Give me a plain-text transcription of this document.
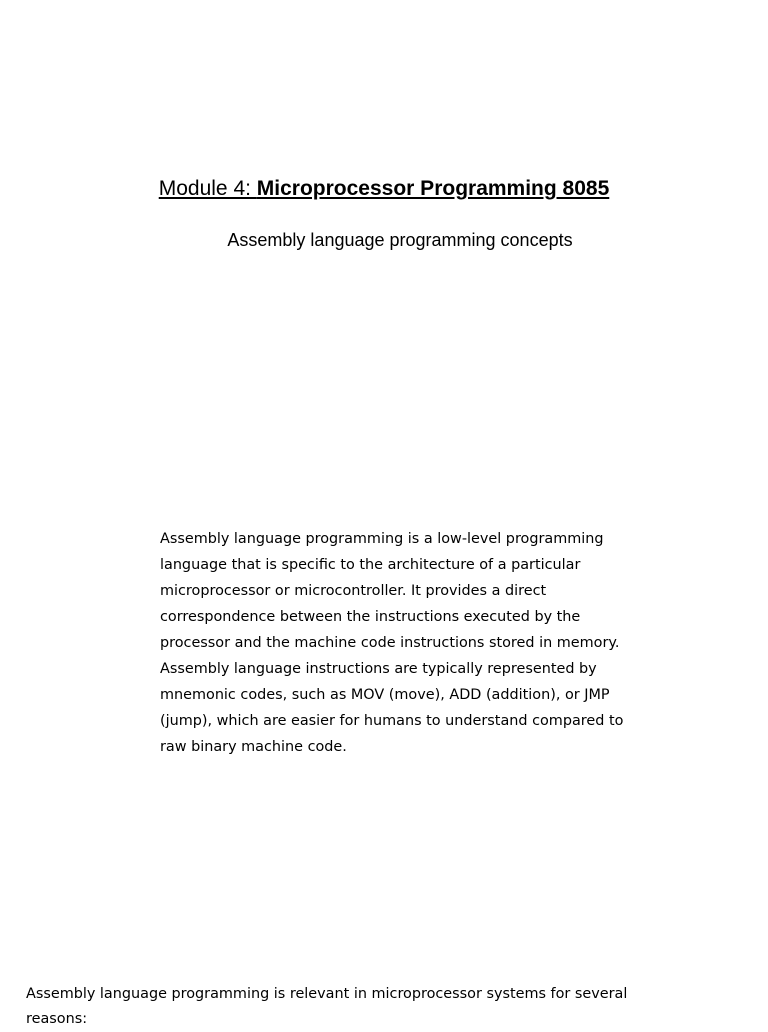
Module 4: Microprocessor Programming 8085

Assembly language programming concepts

Assembly language programming is a low-level programming
language that is specific to the architecture of a particular
microprocessor or microcontroller. It provides a direct
correspondence between the instructions executed by the
processor and the machine code instructions stored in memory.
Assembly language instructions are typically represented by
mnemonic codes, such as MOV (move), ADD (addition), or JMP
(jump), which are easier for humans to understand compared to
raw binary machine code.

Assembly language programming is relevant in microprocessor systems for several
reasons:
